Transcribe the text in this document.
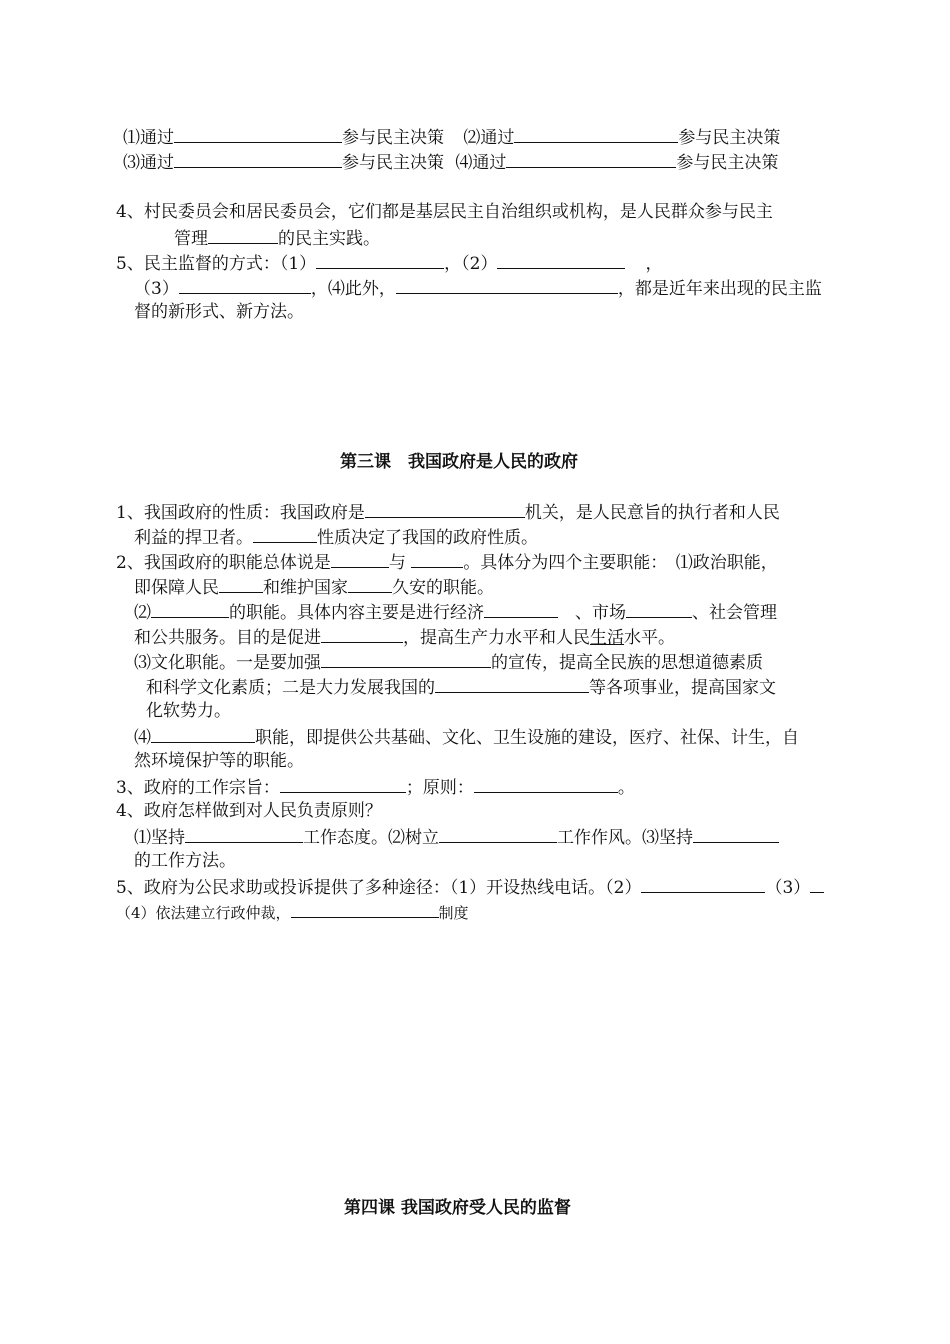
⑴通过	参与民主决策 ⑵通过	参与民主决策
⑶通过	参与民主决策 ⑷通过	参与民主决策
4、村民委员会和居民委员会，它们都是基层民主自治组织或机构，是人民群众参与民主
管理	的民主实践。
5、民主监督的方式：（1）	，（2）	，
（3）	，⑷此外，	，都是近年来出现的民主监
督的新形式、新方法。
第三课　我国政府是人民的政府
1、我国政府的性质：我国政府是	机关，是人民意旨的执行者和人民
利益的捍卫者。	性质决定了我国的政府性质。
2、我国政府的职能总体说是	与	。具体分为四个主要职能：　⑴政治职能，
即保障人民	和维护国家	久安的职能。
⑵	的职能。具体内容主要是进行经济	　、市场	、社会管理
和公共服务。目的是促进	，提高生产力水平和人民生活水平。
⑶文化职能。一是要加强	的宣传，提高全民族的思想道德素质
和科学文化素质；二是大力发展我国的	等各项事业，提高国家文
化软势力。
⑷	职能，即提供公共基础、文化、卫生设施的建设，医疗、社保、计生，自
然环境保护等的职能。
3、政府的工作宗旨：	；原则：	。
4、政府怎样做到对人民负责原则？
⑴坚持	工作态度。⑵树立	工作作风。⑶坚持
的工作方法。
5、政府为公民求助或投诉提供了多种途径：（1）开设热线电话。（2）	（3）
（4）依法建立行政仲裁，	制度
第四课 我国政府受人民的监督
